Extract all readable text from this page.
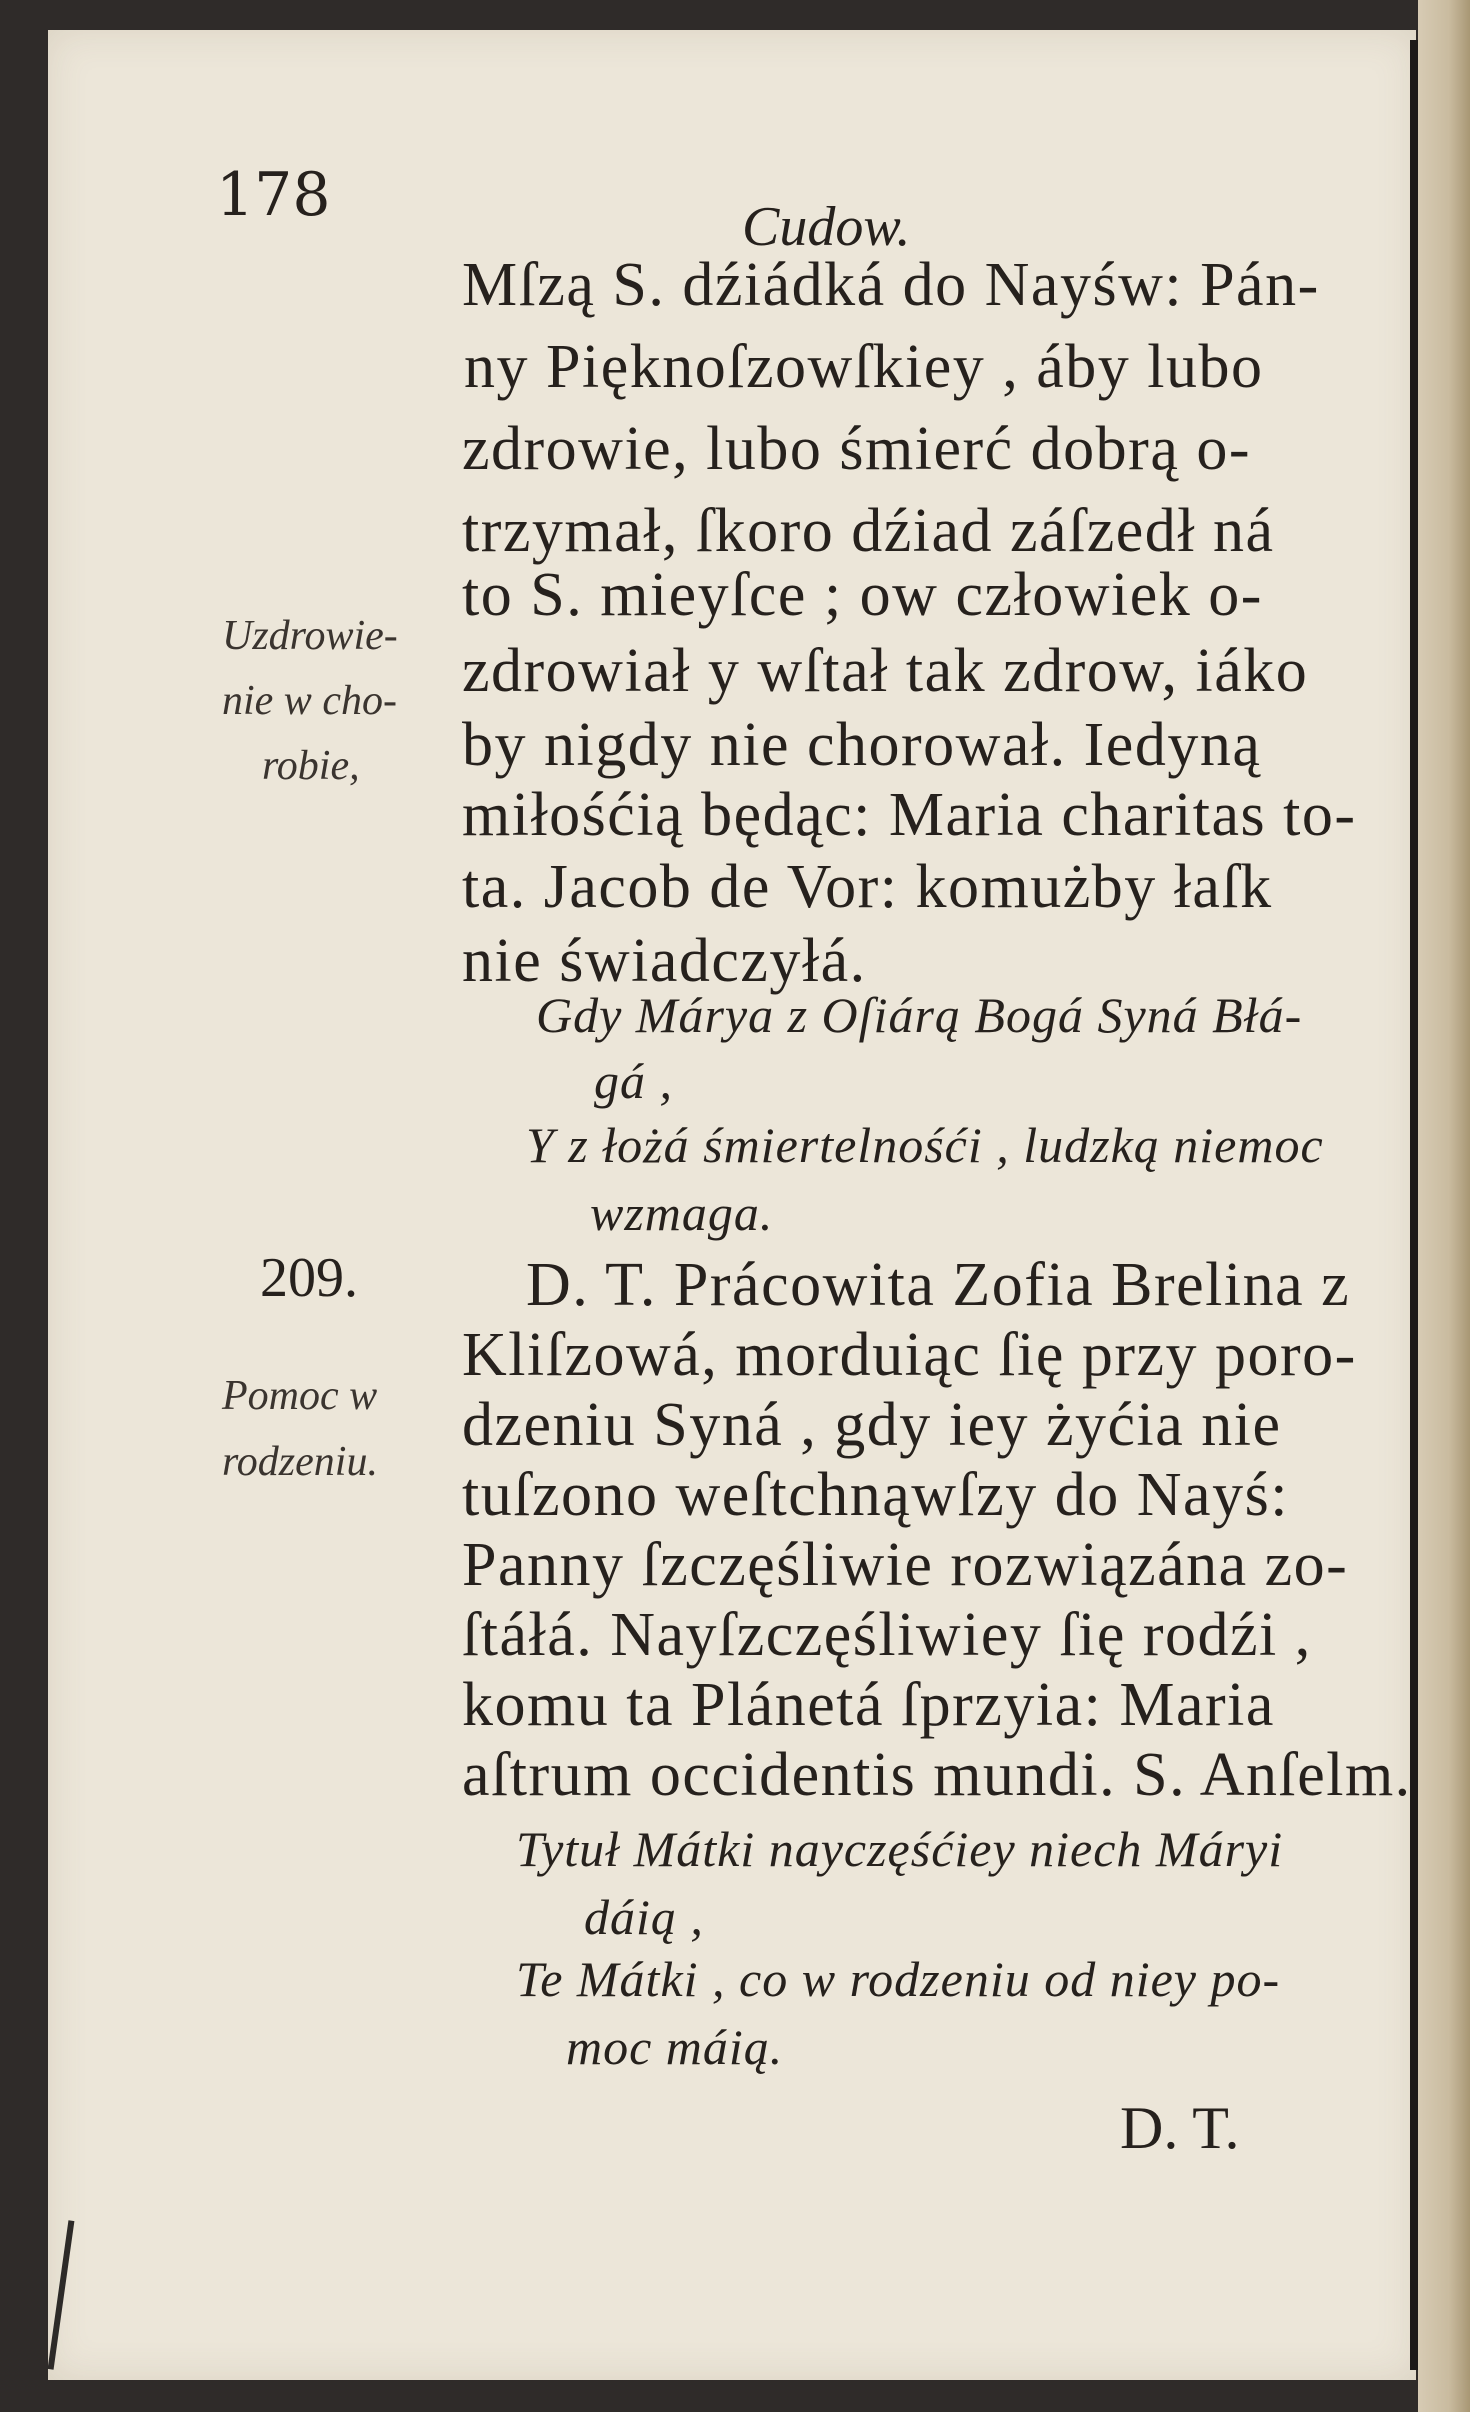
178	Cudow.
Uzdrowie-
nie w cho-
robie,
209.
Pomoc w
rodzeniu.
Mſzą S. dźiádká do Nayśw: Pán-
ny Pięknoſzowſkiey , áby lubo
zdrowie, lubo śmierć dobrą o-
trzymał, ſkoro dźiad záſzedł ná
to S. mieyſce ; ow człowiek o-
zdrowiał y wſtał tak zdrow, iáko
by nigdy nie chorował. Iedyną
miłośćią będąc: Maria charitas to-
ta. Jacob de Vor: komużby łaſk
nie świadczyłá.
Gdy Márya z Oſiárą Bogá Syná Błá-
gá ,
Y z łożá śmiertelnośći , ludzką niemoc
wzmaga.
D. T. Prácowita Zofia Brelina z
Kliſzowá, morduiąc ſię przy poro-
dzeniu Syná , gdy iey żyćia nie
tuſzono weſtchnąwſzy do Nayś:
Panny ſzczęśliwie rozwiązána zo-
ſtáłá. Nayſzczęśliwiey ſię rodźi ,
komu ta Plánetá ſprzyia: Maria
aſtrum occidentis mundi. S. Anſelm.
Tytuł Mátki nayczęśćiey niech Máryi
dáią ,
Te Mátki , co w rodzeniu od niey po-
moc máią.
D. T.
